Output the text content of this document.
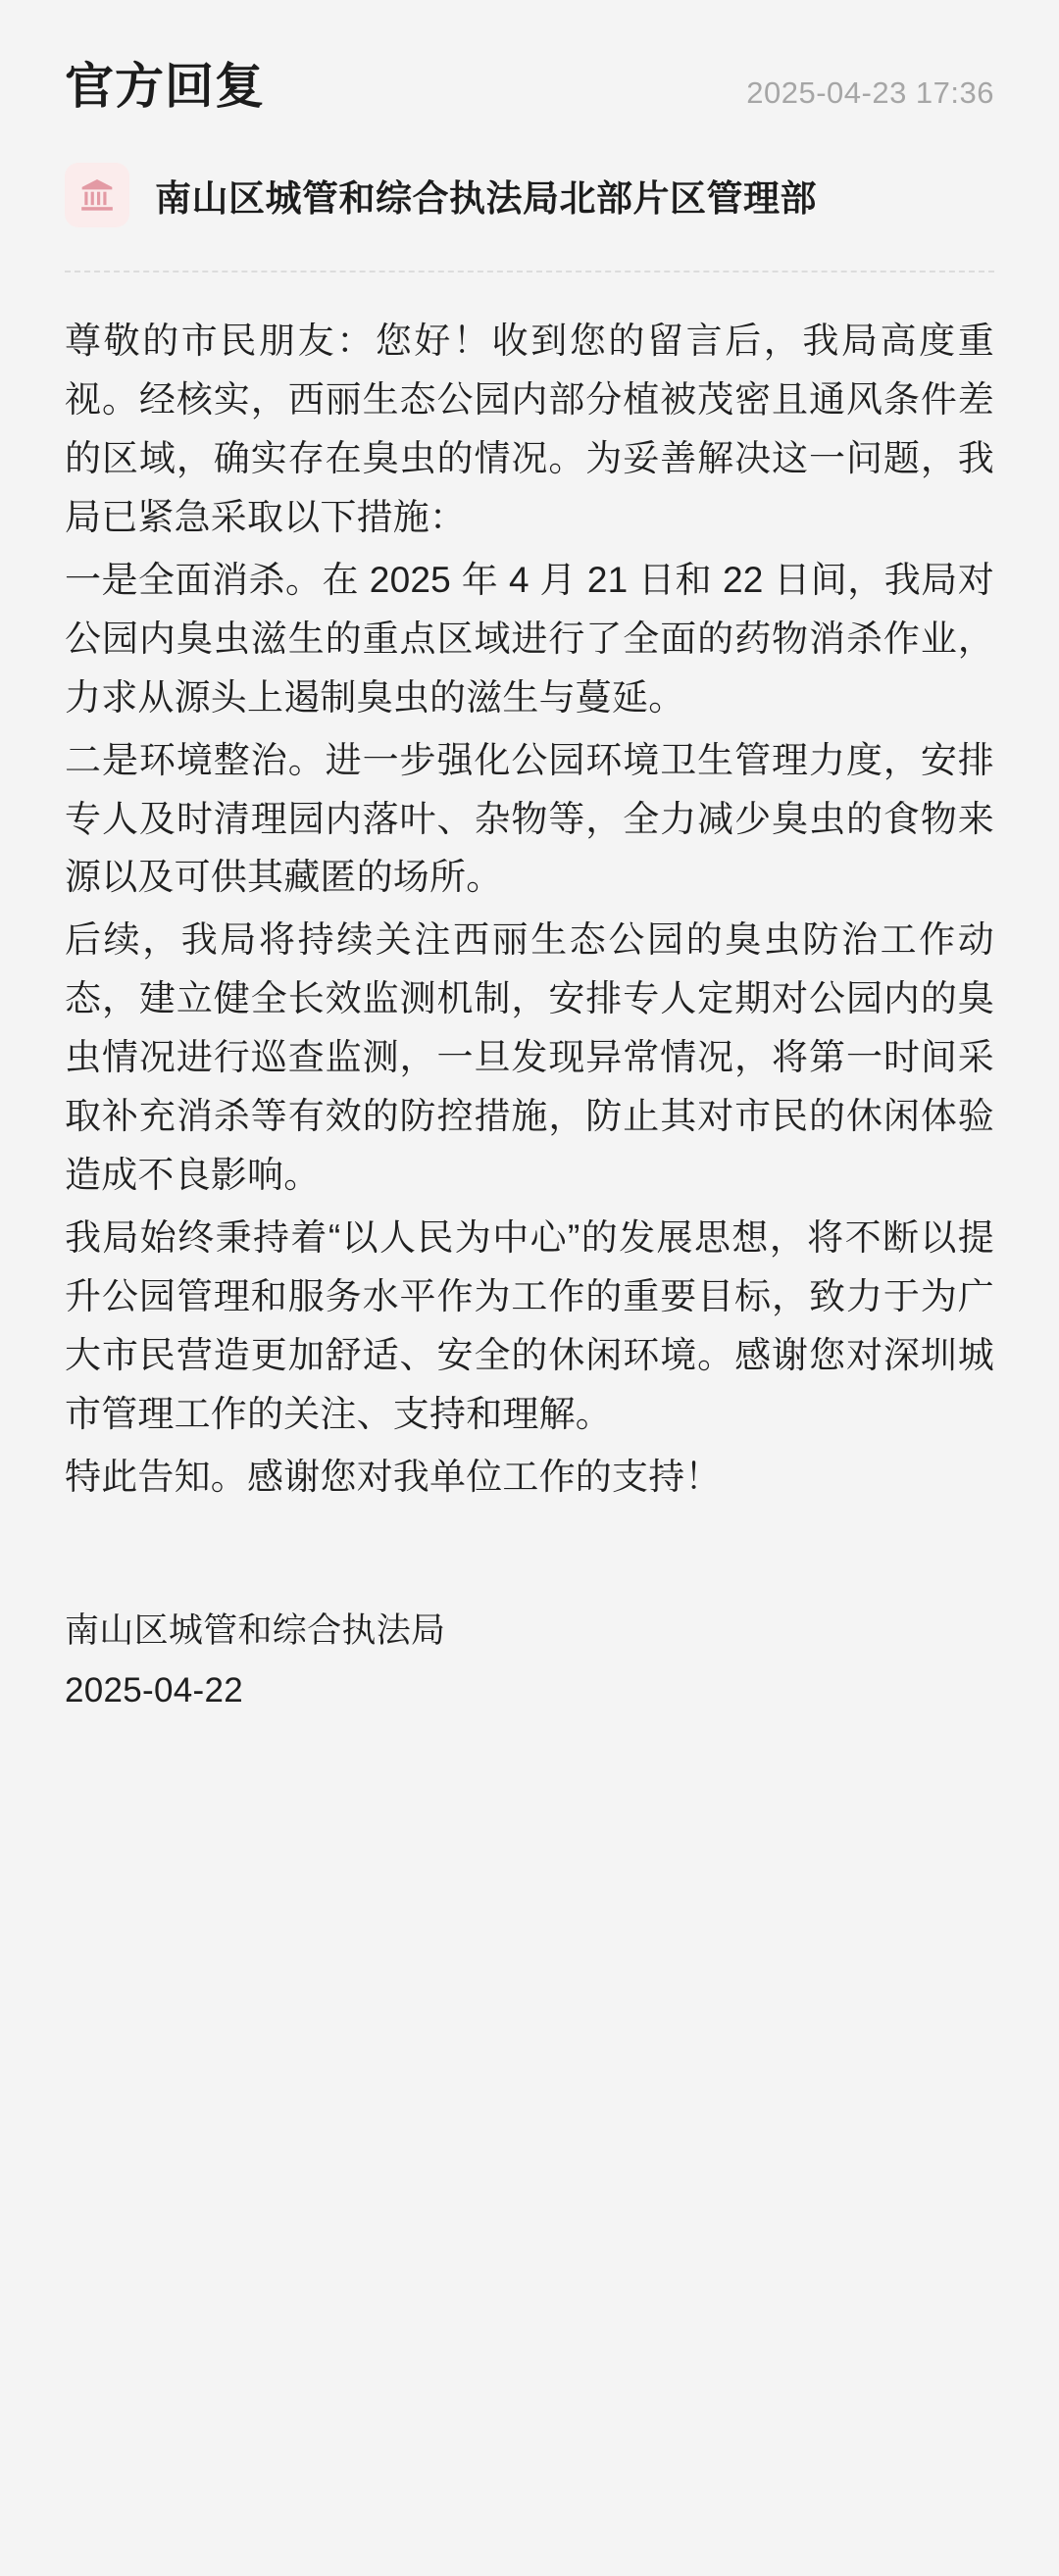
官方回复	2025-04-23 17:36
南山区城管和综合执法局北部片区管理部

尊敬的市民朋友：您好！收到您的留言后，我局高度重视。经核实，西丽生态公园内部分植被茂密且通风条件差的区域，确实存在臭虫的情况。为妥善解决这一问题，我局已紧急采取以下措施：

一是全面消杀。在 2025 年 4 月 21 日和 22 日间，我局对公园内臭虫滋生的重点区域进行了全面的药物消杀作业，力求从源头上遏制臭虫的滋生与蔓延。

二是环境整治。进一步强化公园环境卫生管理力度，安排专人及时清理园内落叶、杂物等，全力减少臭虫的食物来源以及可供其藏匿的场所。

后续，我局将持续关注西丽生态公园的臭虫防治工作动态，建立健全长效监测机制，安排专人定期对公园内的臭虫情况进行巡查监测，一旦发现异常情况，将第一时间采取补充消杀等有效的防控措施，防止其对市民的休闲体验造成不良影响。

我局始终秉持着“以人民为中心”的发展思想，将不断以提升公园管理和服务水平作为工作的重要目标，致力于为广大市民营造更加舒适、安全的休闲环境。感谢您对深圳城市管理工作的关注、支持和理解。

特此告知。感谢您对我单位工作的支持！

南山区城管和综合执法局
2025-04-22
